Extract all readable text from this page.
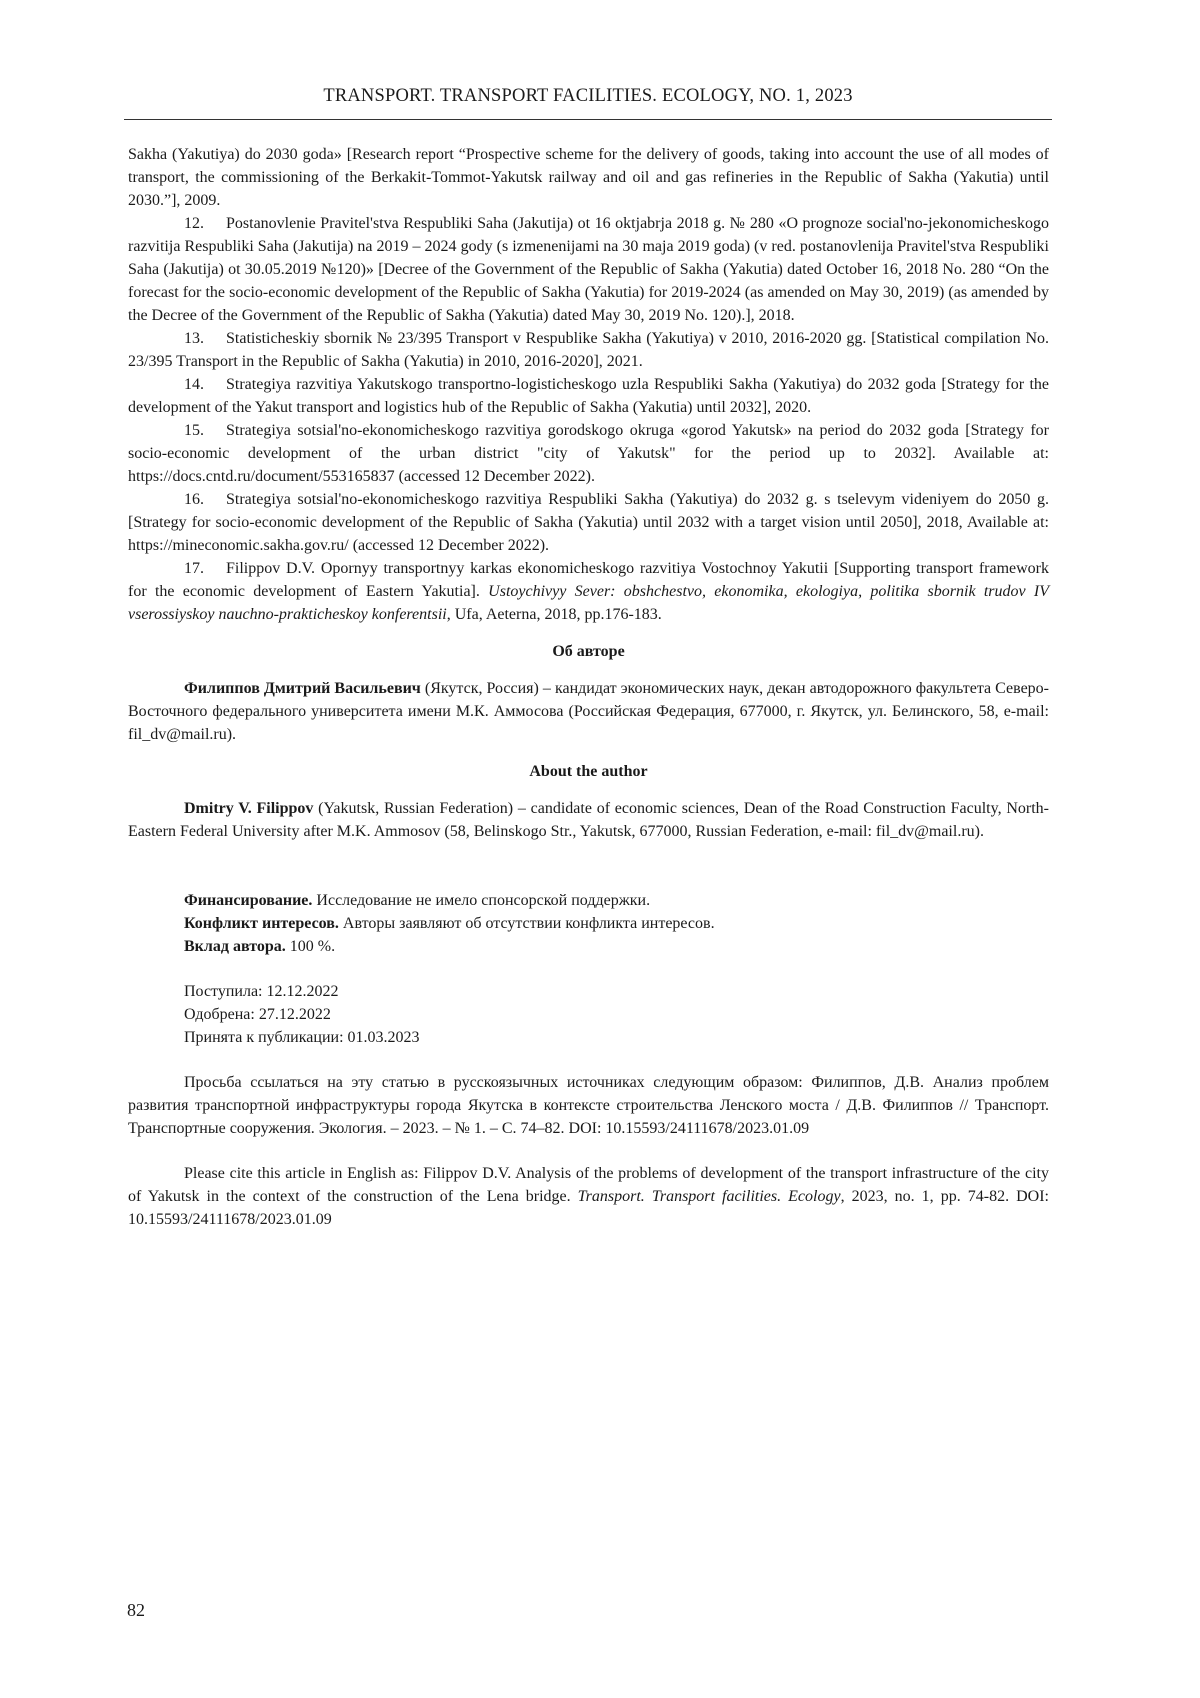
TRANSPORT. TRANSPORT FACILITIES. ECOLOGY, NO. 1, 2023

Sakha (Yakutiya) do 2030 goda» [Research report “Prospective scheme for the delivery of goods, taking into account the use of all modes of transport, the commissioning of the Berkakit-Tommot-Yakutsk railway and oil and gas refineries in the Republic of Sakha (Yakutia) until 2030.”], 2009.

12. Postanovlenie Pravitel'stva Respubliki Saha (Jakutija) ot 16 oktjabrja 2018 g. № 280 «O prognoze social'no-jekonomicheskogo razvitija Respubliki Saha (Jakutija) na 2019 – 2024 gody (s izmenenijami na 30 maja 2019 goda) (v red. postanovlenija Pravitel'stva Respubliki Saha (Jakutija) ot 30.05.2019 №120)» [Decree of the Government of the Republic of Sakha (Yakutia) dated October 16, 2018 No. 280 “On the forecast for the socio-economic development of the Republic of Sakha (Yakutia) for 2019-2024 (as amended on May 30, 2019) (as amended by the Decree of the Government of the Republic of Sakha (Yakutia) dated May 30, 2019 No. 120).], 2018.

13. Statisticheskiy sbornik № 23/395 Transport v Respublike Sakha (Yakutiya) v 2010, 2016-2020 gg. [Statistical compilation No. 23/395 Transport in the Republic of Sakha (Yakutia) in 2010, 2016-2020], 2021.

14. Strategiya razvitiya Yakutskogo transportno-logisticheskogo uzla Respubliki Sakha (Yakutiya) do 2032 goda [Strategy for the development of the Yakut transport and logistics hub of the Republic of Sakha (Yakutia) until 2032], 2020.

15. Strategiya sotsial'no-ekonomicheskogo razvitiya gorodskogo okruga «gorod Yakutsk» na period do 2032 goda [Strategy for socio-economic development of the urban district "city of Yakutsk" for the period up to 2032]. Available at: https://docs.cntd.ru/document/553165837 (accessed 12 December 2022).

16. Strategiya sotsial'no-ekonomicheskogo razvitiya Respubliki Sakha (Yakutiya) do 2032 g. s tselevym videniyem do 2050 g. [Strategy for socio-economic development of the Republic of Sakha (Yakutia) until 2032 with a target vision until 2050], 2018, Available at: https://mineconomic.sakha.gov.ru/ (accessed 12 December 2022).

17. Filippov D.V. Opornyy transportnyy karkas ekonomicheskogo razvitiya Vostochnoy Yakutii [Supporting transport framework for the economic development of Eastern Yakutia]. Ustoychivyy Sever: obshchestvo, ekonomika, ekologiya, politika sbornik trudov IV vserossiyskoy nauchno-prakticheskoy konferentsii, Ufa, Aeterna, 2018, pp.176-183.

Об авторе

Филиппов Дмитрий Васильевич (Якутск, Россия) – кандидат экономических наук, декан автодорожного факультета Северо-Восточного федерального университета имени М.К. Аммосова (Российская Федерация, 677000, г. Якутск, ул. Белинского, 58, e-mail: fil_dv@mail.ru).

About the author

Dmitry V. Filippov (Yakutsk, Russian Federation) – candidate of economic sciences, Dean of the Road Construction Faculty, North-Eastern Federal University after M.K. Ammosov (58, Belinskogo Str., Yakutsk, 677000, Russian Federation, e-mail: fil_dv@mail.ru).

Финансирование. Исследование не имело спонсорской поддержки.

Конфликт интересов. Авторы заявляют об отсутствии конфликта интересов.

Вклад автора. 100 %.

Поступила: 12.12.2022

Одобрена: 27.12.2022

Принята к публикации: 01.03.2023

Просьба ссылаться на эту статью в русскоязычных источниках следующим образом: Филиппов, Д.В. Анализ проблем развития транспортной инфраструктуры города Якутска в контексте строительства Ленского моста / Д.В. Филиппов // Транспорт. Транспортные сооружения. Экология. – 2023. – № 1. – С. 74–82. DOI: 10.15593/24111678/2023.01.09

Please cite this article in English as: Filippov D.V. Analysis of the problems of development of the transport infrastructure of the city of Yakutsk in the context of the construction of the Lena bridge. Transport. Transport facilities. Ecology, 2023, no. 1, pp. 74-82. DOI: 10.15593/24111678/2023.01.09

82
